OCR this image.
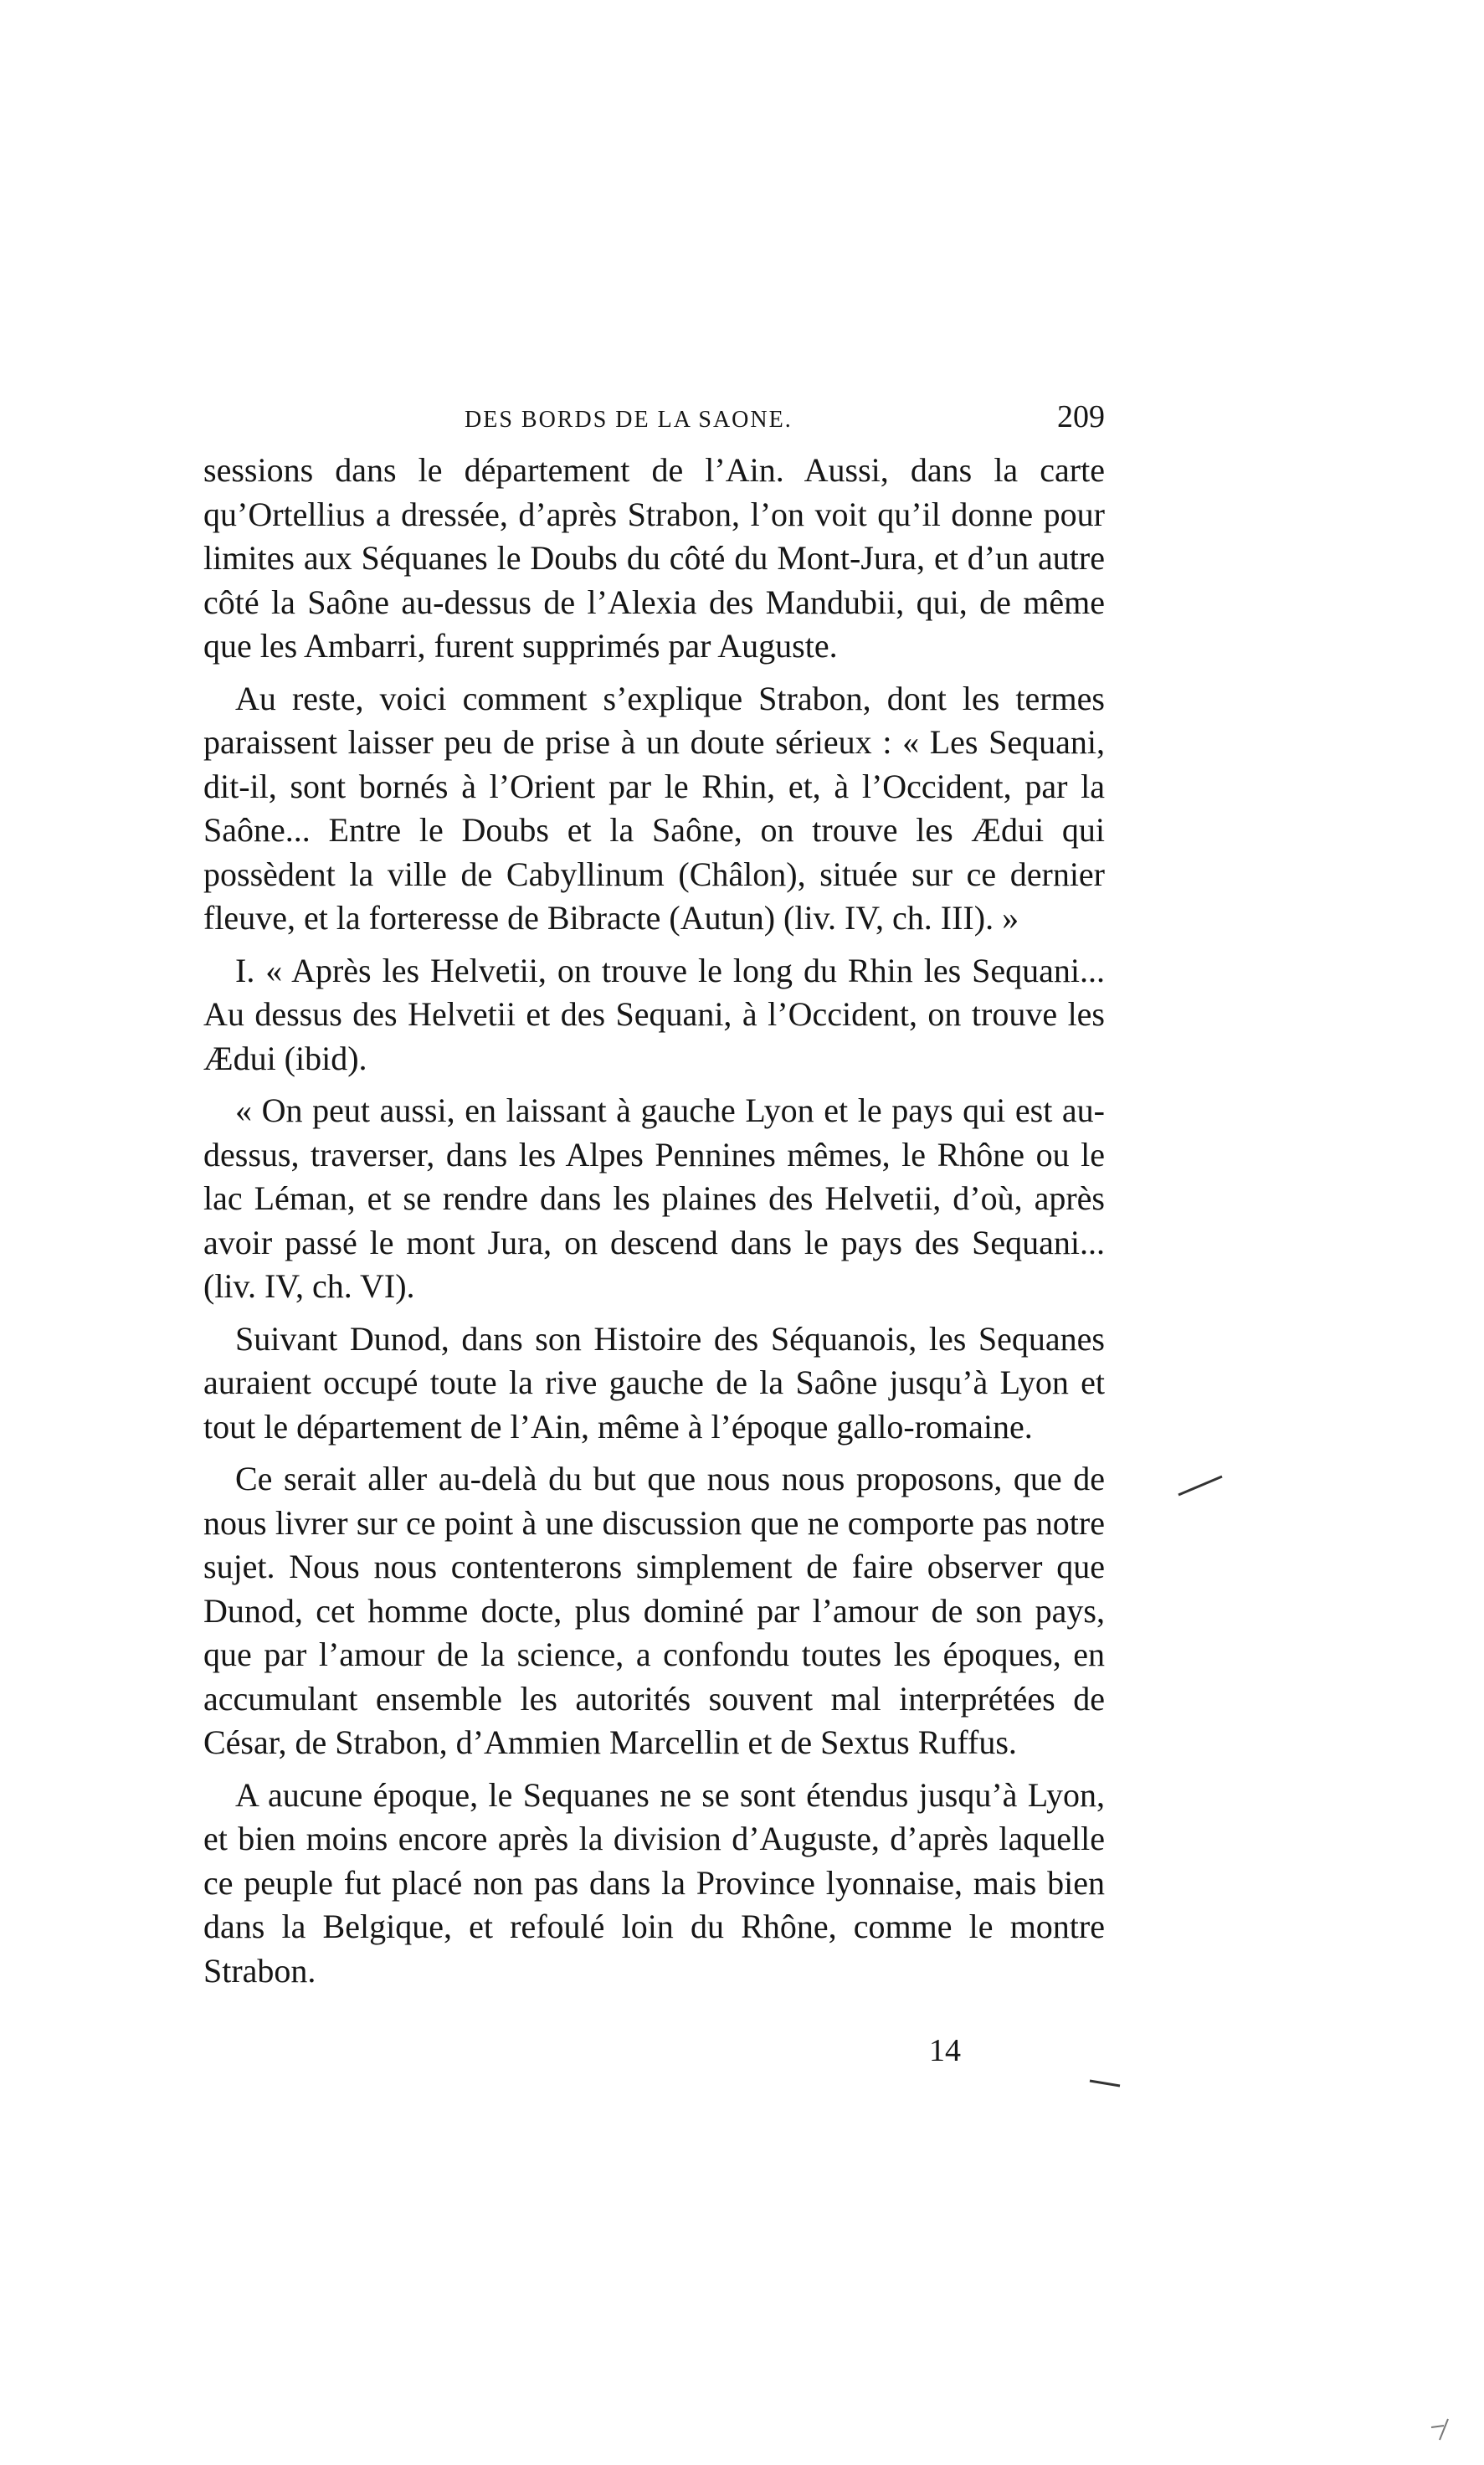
DES BORDS DE LA SAONE.	209

sessions dans le département de l’Ain. Aussi, dans la carte qu’Ortellius a dressée, d’après Strabon, l’on voit qu’il donne pour limites aux Séquanes le Doubs du côté du Mont-Jura, et d’un autre côté la Saône au-dessus de l’Alexia des Mandubii, qui, de même que les Ambarri, furent supprimés par Auguste.

Au reste, voici comment s’explique Strabon, dont les termes paraissent laisser peu de prise à un doute sérieux : « Les Sequani, dit-il, sont bornés à l’Orient par le Rhin, et, à l’Occident, par la Saône... Entre le Doubs et la Saône, on trouve les Ædui qui possèdent la ville de Cabyllinum (Châlon), située sur ce dernier fleuve, et la forteresse de Bibracte (Autun) (liv. IV, ch. III). »

I. « Après les Helvetii, on trouve le long du Rhin les Sequani... Au dessus des Helvetii et des Sequani, à l’Occident, on trouve les Ædui (ibid).

« On peut aussi, en laissant à gauche Lyon et le pays qui est au-dessus, traverser, dans les Alpes Pennines mêmes, le Rhône ou le lac Léman, et se rendre dans les plaines des Helvetii, d’où, après avoir passé le mont Jura, on descend dans le pays des Sequani... (liv. IV, ch. VI).

Suivant Dunod, dans son Histoire des Séquanois, les Sequanes auraient occupé toute la rive gauche de la Saône jusqu’à Lyon et tout le département de l’Ain, même à l’époque gallo-romaine.

Ce serait aller au-delà du but que nous nous proposons, que de nous livrer sur ce point à une discussion que ne comporte pas notre sujet. Nous nous contenterons simplement de faire observer que Dunod, cet homme docte, plus dominé par l’amour de son pays, que par l’amour de la science, a confondu toutes les époques, en accumulant ensemble les autorités souvent mal interprétées de César, de Strabon, d’Ammien Marcellin et de Sextus Ruffus.

A aucune époque, le Sequanes ne se sont étendus jusqu’à Lyon, et bien moins encore après la division d’Auguste, d’après laquelle ce peuple fut placé non pas dans la Province lyonnaise, mais bien dans la Belgique, et refoulé loin du Rhône, comme le montre Strabon.

14
